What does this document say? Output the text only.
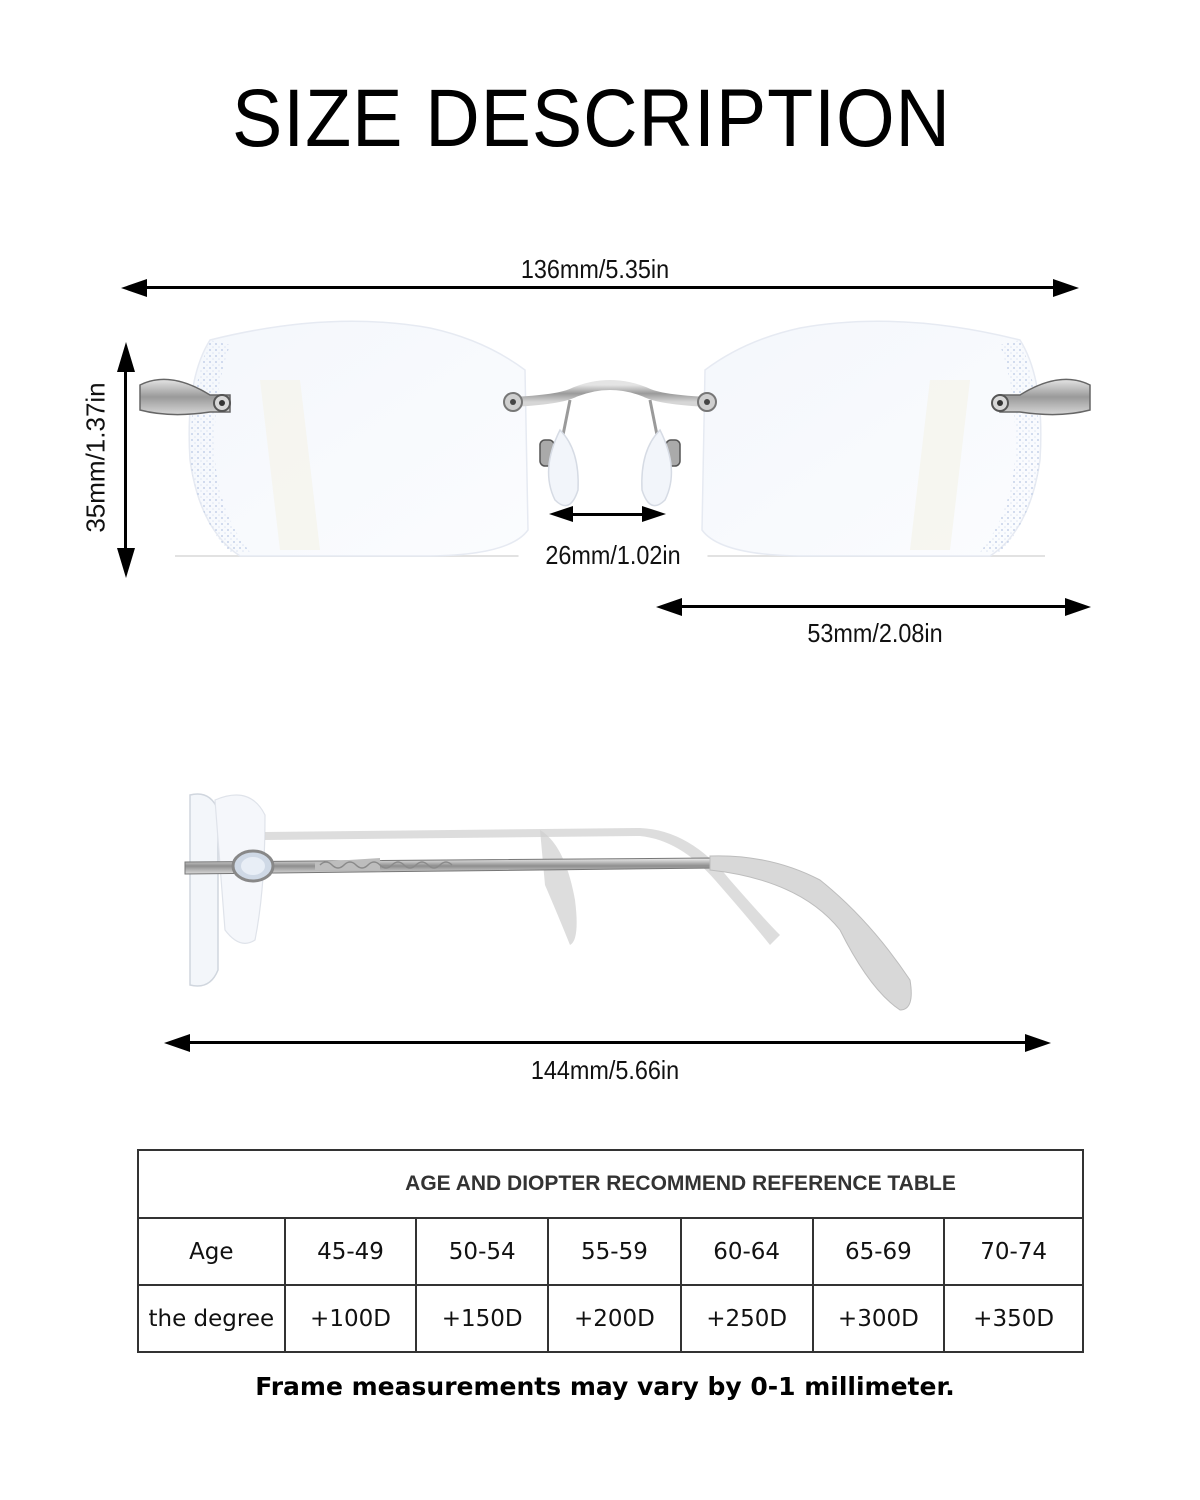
SIZE DESCRIPTION
136mm/5.35in
35mm/1.37in
26mm/1.02in
53mm/2.08in
144mm/5.66in
AGE AND DIOPTER RECOMMEND REFERENCE TABLE						
Age	45-49	50-54	55-59	60-64	65-69	70-74
the degree	+100D	+150D	+200D	+250D	+300D	+350D
Frame measurements may vary by 0-1 millimeter.
